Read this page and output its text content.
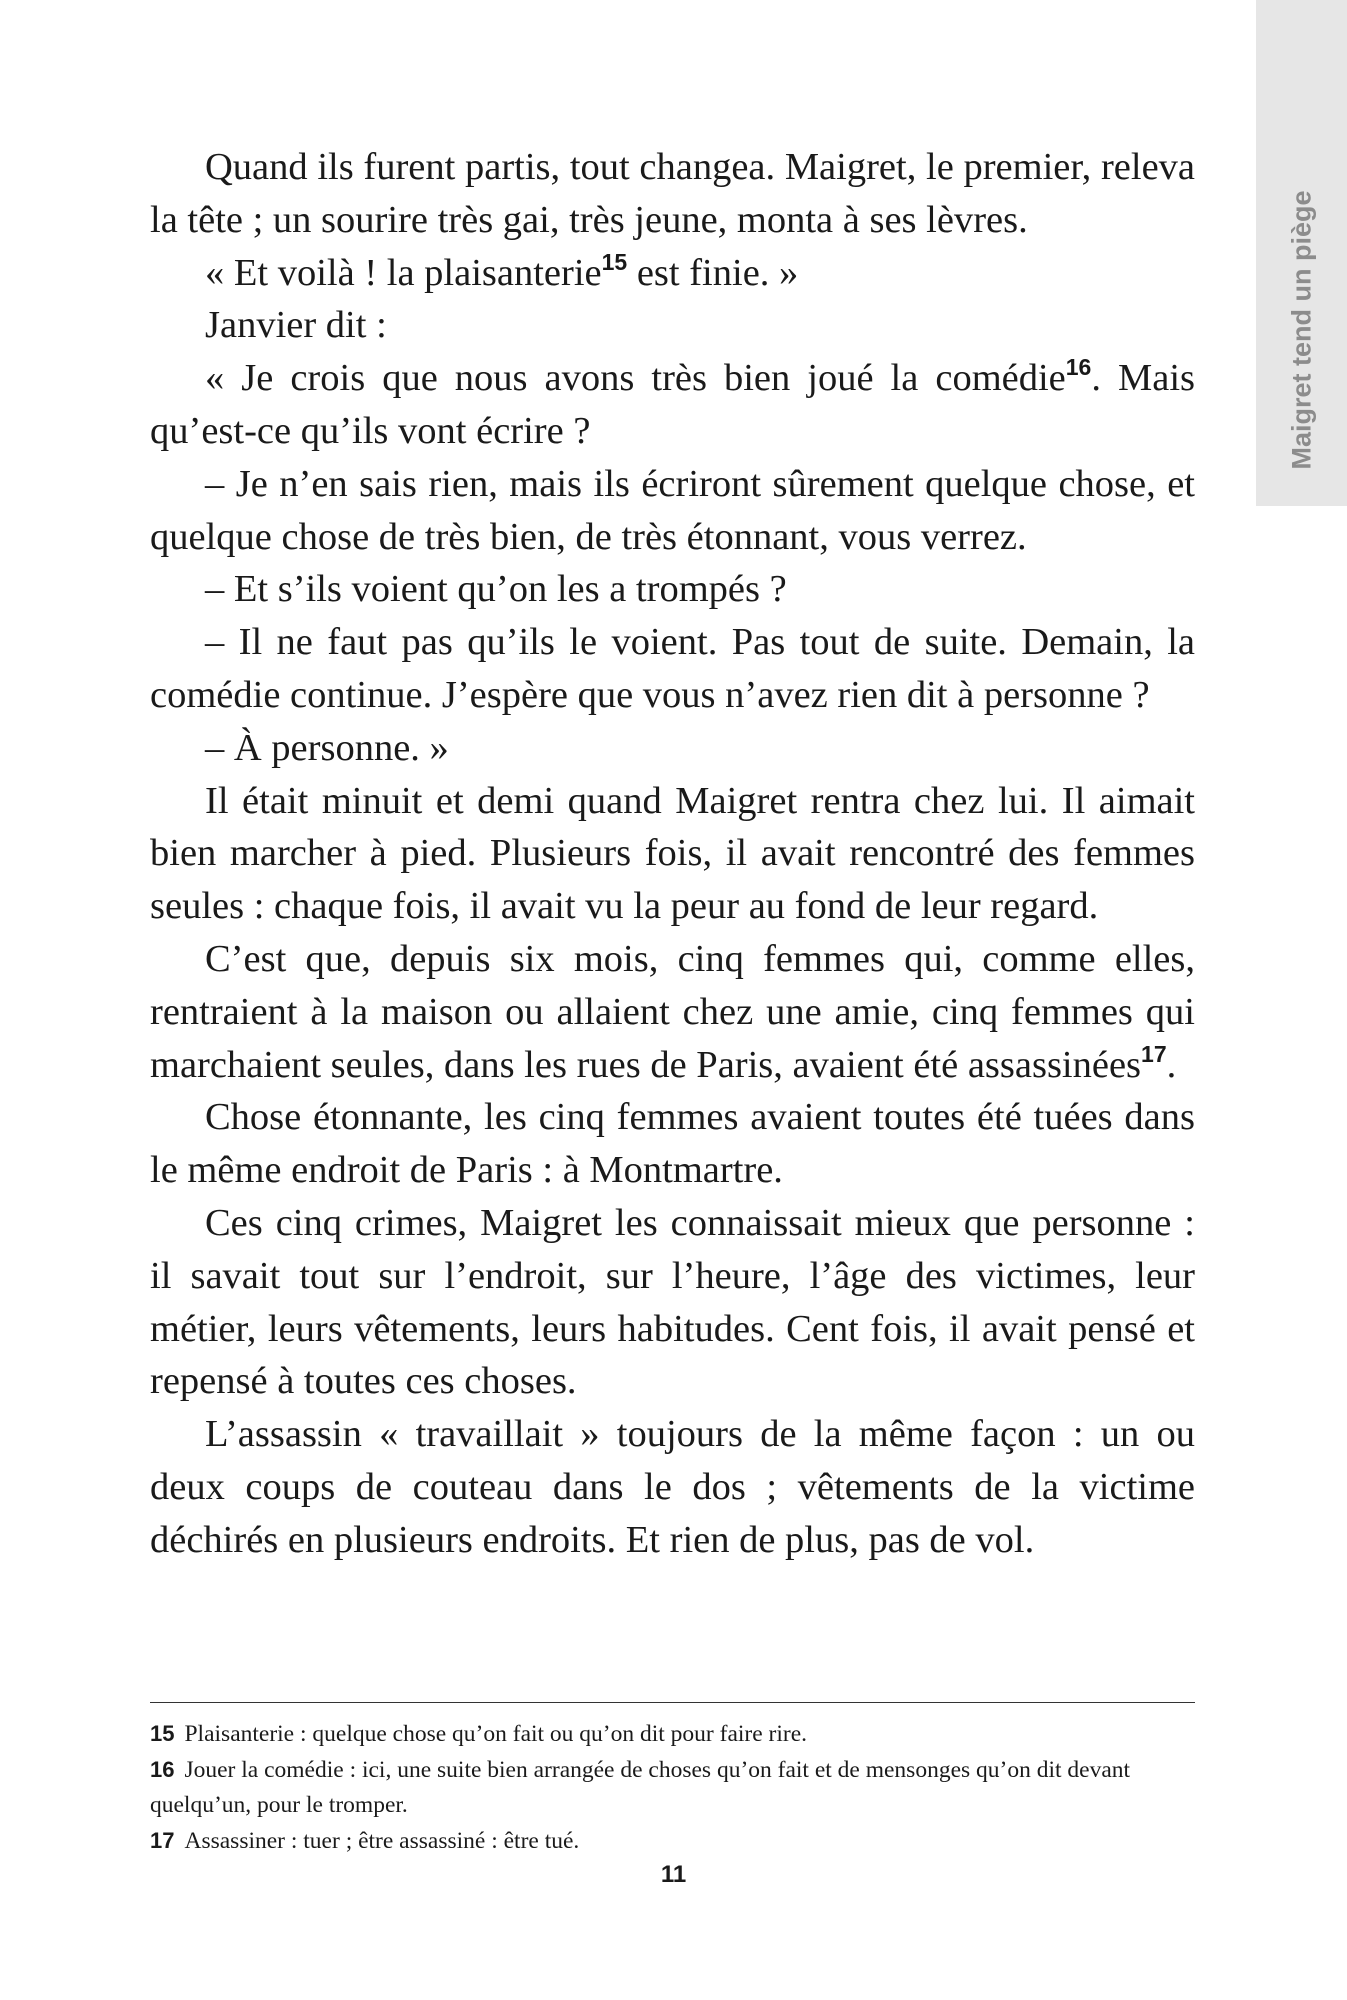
Maigret tend un piège

Quand ils furent partis, tout changea. Maigret, le premier, releva la tête ; un sourire très gai, très jeune, monta à ses lèvres.

« Et voilà ! la plaisanterie$^{15}$ est finie. »

Janvier dit :

« Je crois que nous avons très bien joué la comédie$^{16}$. Mais qu’est-ce qu’ils vont écrire ?

– Je n’en sais rien, mais ils écriront sûrement quelque chose, et quelque chose de très bien, de très étonnant, vous verrez.

– Et s’ils voient qu’on les a trompés ?

– Il ne faut pas qu’ils le voient. Pas tout de suite. Demain, la comédie continue. J’espère que vous n’avez rien dit à personne ?

– À personne. »

Il était minuit et demi quand Maigret rentra chez lui. Il aimait bien marcher à pied. Plusieurs fois, il avait rencontré des femmes seules : chaque fois, il avait vu la peur au fond de leur regard.

C’est que, depuis six mois, cinq femmes qui, comme elles, rentraient à la maison ou allaient chez une amie, cinq femmes qui marchaient seules, dans les rues de Paris, avaient été assassinées$^{17}$.

Chose étonnante, les cinq femmes avaient toutes été tuées dans le même endroit de Paris : à Montmartre.

Ces cinq crimes, Maigret les connaissait mieux que personne : il savait tout sur l’endroit, sur l’heure, l’âge des victimes, leur métier, leurs vêtements, leurs habitudes. Cent fois, il avait pensé et repensé à toutes ces choses.

L’assassin « travaillait » toujours de la même façon : un ou deux coups de couteau dans le dos ; vêtements de la victime déchirés en plusieurs endroits. Et rien de plus, pas de vol.

15 Plaisanterie : quelque chose qu’on fait ou qu’on dit pour faire rire.

16 Jouer la comédie : ici, une suite bien arrangée de choses qu’on fait et de mensonges qu’on dit devant quelqu’un, pour le tromper.

17 Assassiner : tuer ; être assassiné : être tué.

11
